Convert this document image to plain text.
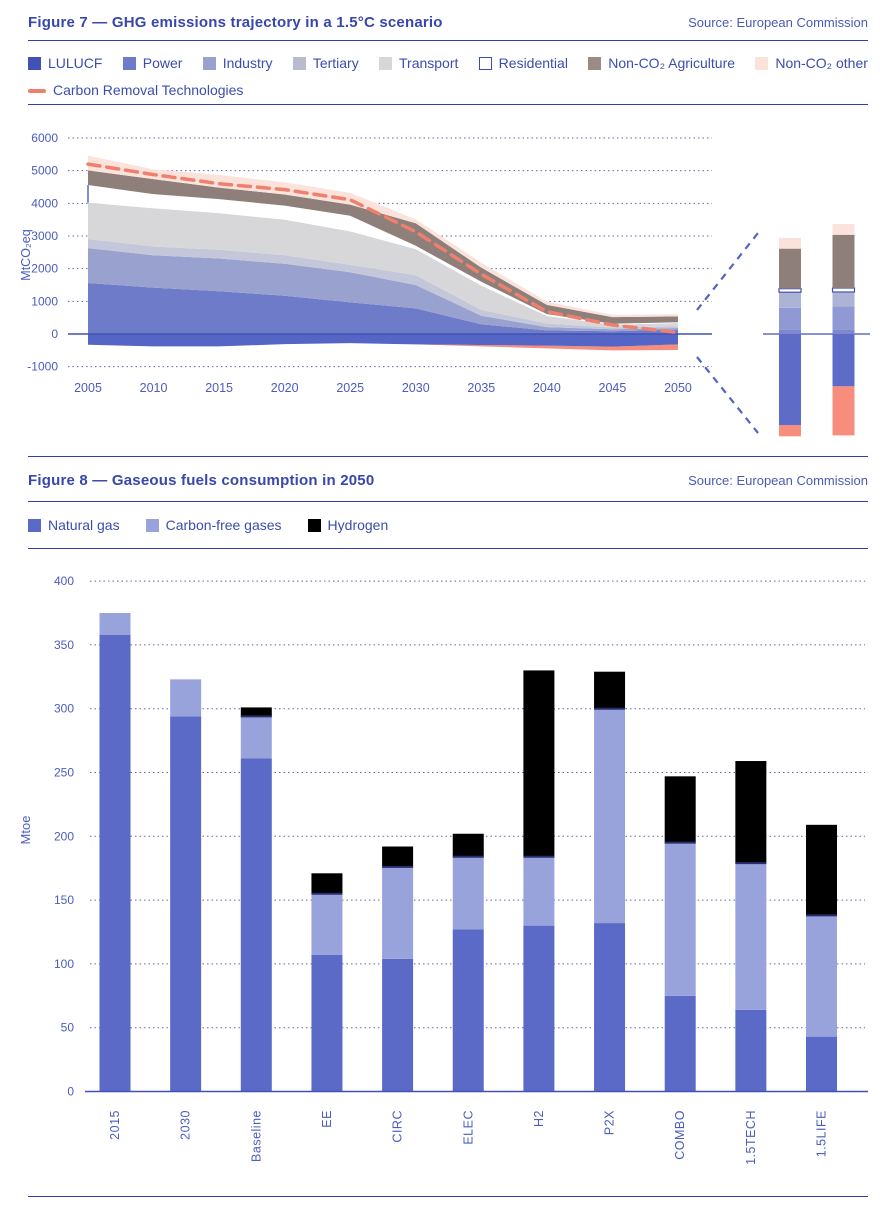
Figure 7 — GHG emissions trajectory in a 1.5°C scenario	Source: European Commission
LULUCF	Power	Industry	Tertiary	Transport	Residential	Non-CO₂ Agriculture	Non-CO₂ other
Carbon Removal Technologies
6000
5000
4000
3000
2000
1000
0
-1000
2005	2010	2015	2020	2025	2030	2035	2040	2045	2050
MtCO₂eq
Figure 8 — Gaseous fuels consumption in 2050	Source: European Commission
Natural gas	Carbon-free gases	Hydrogen
400
350
300
250
200
150
100
50
0
2015	2030	Baseline	EE	CIRC	ELEC	H2	P2X	COMBO	1.5TECH	1.5LIFE
Mtoe
